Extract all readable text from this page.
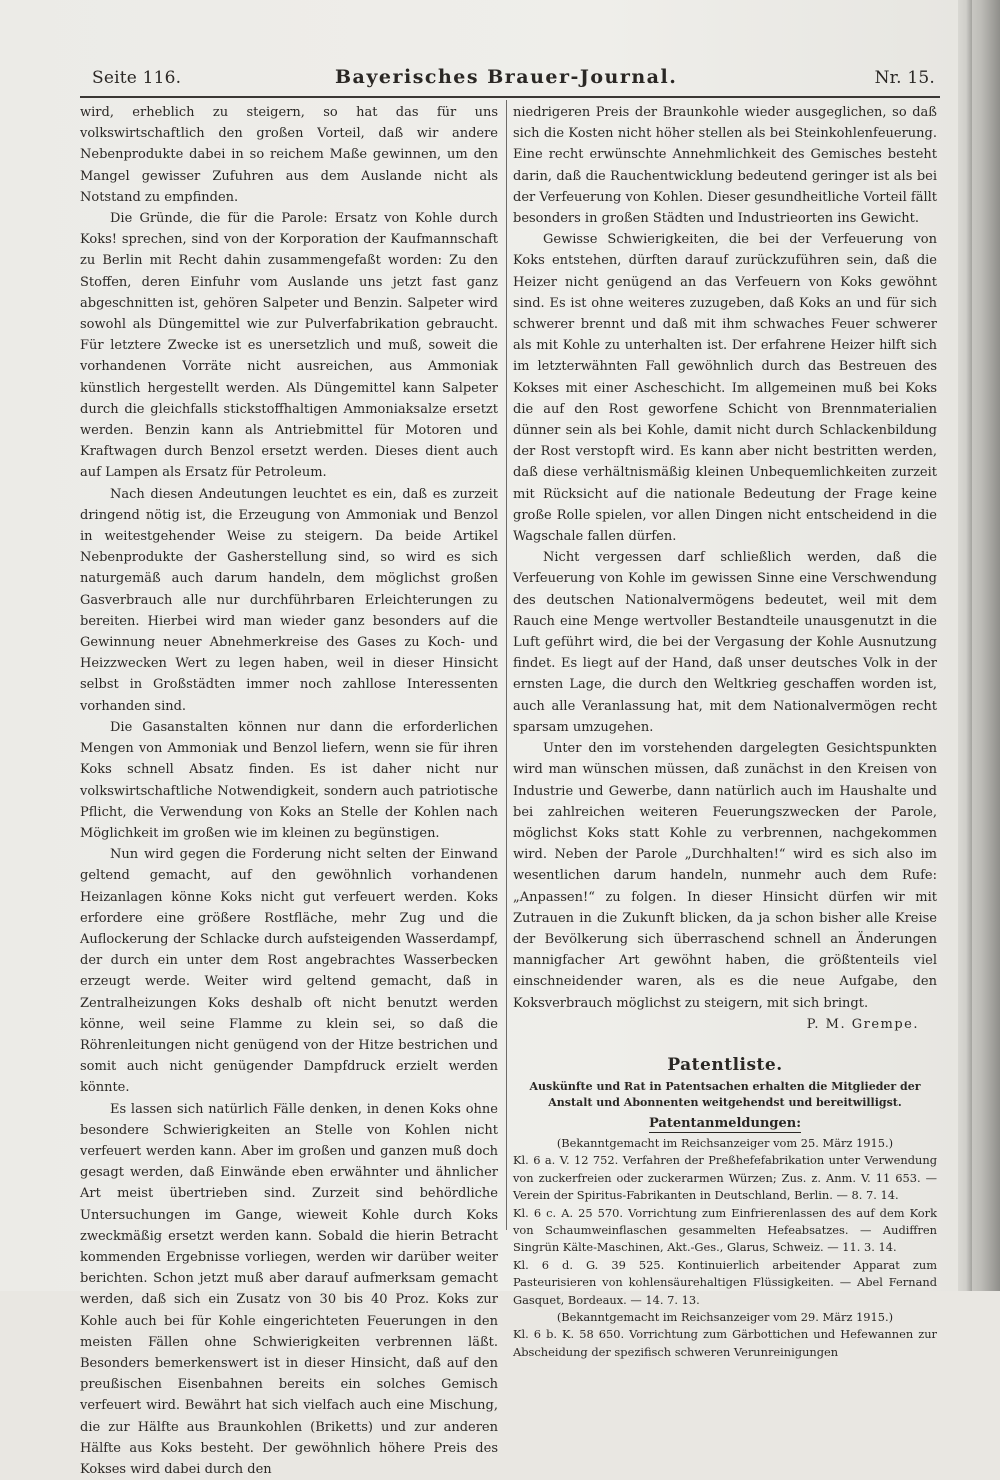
Seite 116.	Bayerisches Brauer-Journal.	Nr. 15.

wird, erheblich zu steigern, so hat das für uns volkswirtschaftlich den großen Vorteil, daß wir andere Nebenprodukte dabei in so reichem Maße gewinnen, um den Mangel gewisser Zufuhren aus dem Auslande nicht als Notstand zu empfinden.

Die Gründe, die für die Parole: Ersatz von Kohle durch Koks! sprechen, sind von der Korporation der Kaufmannschaft zu Berlin mit Recht dahin zusammengefaßt worden: Zu den Stoffen, deren Einfuhr vom Auslande uns jetzt fast ganz abgeschnitten ist, gehören Salpeter und Benzin. Salpeter wird sowohl als Düngemittel wie zur Pulverfabrikation gebraucht. Für letztere Zwecke ist es unersetzlich und muß, soweit die vorhandenen Vorräte nicht ausreichen, aus Ammoniak künstlich hergestellt werden. Als Düngemittel kann Salpeter durch die gleichfalls stickstoffhaltigen Ammoniaksalze ersetzt werden. Benzin kann als Antriebmittel für Motoren und Kraftwagen durch Benzol ersetzt werden. Dieses dient auch auf Lampen als Ersatz für Petroleum.

Nach diesen Andeutungen leuchtet es ein, daß es zurzeit dringend nötig ist, die Erzeugung von Ammoniak und Benzol in weitestgehender Weise zu steigern. Da beide Artikel Nebenprodukte der Gasherstellung sind, so wird es sich naturgemäß auch darum handeln, dem möglichst großen Gasverbrauch alle nur durchführbaren Erleichterungen zu bereiten. Hierbei wird man wieder ganz besonders auf die Gewinnung neuer Abnehmerkreise des Gases zu Koch- und Heizzwecken Wert zu legen haben, weil in dieser Hinsicht selbst in Großstädten immer noch zahllose Interessenten vorhanden sind.

Die Gasanstalten können nur dann die erforderlichen Mengen von Ammoniak und Benzol liefern, wenn sie für ihren Koks schnell Absatz finden. Es ist daher nicht nur volkswirtschaftliche Notwendigkeit, sondern auch patriotische Pflicht, die Verwendung von Koks an Stelle der Kohlen nach Möglichkeit im großen wie im kleinen zu begünstigen.

Nun wird gegen die Forderung nicht selten der Einwand geltend gemacht, auf den gewöhnlich vorhandenen Heizanlagen könne Koks nicht gut verfeuert werden. Koks erfordere eine größere Rostfläche, mehr Zug und die Auflockerung der Schlacke durch aufsteigenden Wasserdampf, der durch ein unter dem Rost angebrachtes Wasserbecken erzeugt werde. Weiter wird geltend gemacht, daß in Zentralheizungen Koks deshalb oft nicht benutzt werden könne, weil seine Flamme zu klein sei, so daß die Röhrenleitungen nicht genügend von der Hitze bestrichen und somit auch nicht genügender Dampfdruck erzielt werden könnte.

Es lassen sich natürlich Fälle denken, in denen Koks ohne besondere Schwierigkeiten an Stelle von Kohlen nicht verfeuert werden kann. Aber im großen und ganzen muß doch gesagt werden, daß Einwände eben erwähnter und ähnlicher Art meist übertrieben sind. Zurzeit sind behördliche Untersuchungen im Gange, wieweit Kohle durch Koks zweckmäßig ersetzt werden kann. Sobald die hierin Betracht kommenden Ergebnisse vorliegen, werden wir darüber weiter berichten. Schon jetzt muß aber darauf aufmerksam gemacht werden, daß sich ein Zusatz von 30 bis 40 Proz. Koks zur Kohle auch bei für Kohle eingerichteten Feuerungen in den meisten Fällen ohne Schwierigkeiten verbrennen läßt. Besonders bemerkenswert ist in dieser Hinsicht, daß auf den preußischen Eisenbahnen bereits ein solches Gemisch verfeuert wird. Bewährt hat sich vielfach auch eine Mischung, die zur Hälfte aus Braunkohlen (Briketts) und zur anderen Hälfte aus Koks besteht. Der gewöhnlich höhere Preis des Koksеs wird dabei durch den

niedrigeren Preis der Braunkohle wieder ausgeglichen, so daß sich die Kosten nicht höher stellen als bei Steinkohlenfeuerung. Eine recht erwünschte Annehmlichkeit des Gemisches besteht darin, daß die Rauchentwicklung bedeutend geringer ist als bei der Verfeuerung von Kohlen. Dieser gesundheitliche Vorteil fällt besonders in großen Städten und Industrieorten ins Gewicht.

Gewisse Schwierigkeiten, die bei der Verfeuerung von Koks entstehen, dürften darauf zurückzuführen sein, daß die Heizer nicht genügend an das Verfeuern von Koks gewöhnt sind. Es ist ohne weiteres zuzugeben, daß Koks an und für sich schwerer brennt und daß mit ihm schwaches Feuer schwerer als mit Kohle zu unterhalten ist. Der erfahrene Heizer hilft sich im letzterwähnten Fall gewöhnlich durch das Bestreuen des Koksеs mit einer Ascheschicht. Im allgemeinen muß bei Koks die auf den Rost geworfene Schicht von Brennmaterialien dünner sein als bei Kohle, damit nicht durch Schlackenbildung der Rost verstopft wird. Es kann aber nicht bestritten werden, daß diese verhältnismäßig kleinen Unbequemlichkeiten zurzeit mit Rücksicht auf die nationale Bedeutung der Frage keine große Rolle spielen, vor allen Dingen nicht entscheidend in die Wagschale fallen dürfen.

Nicht vergessen darf schließlich werden, daß die Verfeuerung von Kohle im gewissen Sinne eine Verschwendung des deutschen Nationalvermögens bedeutet, weil mit dem Rauch eine Menge wertvoller Bestandteile unausgenutzt in die Luft geführt wird, die bei der Vergasung der Kohle Ausnutzung findet. Es liegt auf der Hand, daß unser deutsches Volk in der ernsten Lage, die durch den Weltkrieg geschaffen worden ist, auch alle Veranlassung hat, mit dem Nationalvermögen recht sparsam umzugehen.

Unter den im vorstehenden dargelegten Gesichtspunkten wird man wünschen müssen, daß zunächst in den Kreisen von Industrie und Gewerbe, dann natürlich auch im Haushalte und bei zahlreichen weiteren Feuerungszwecken der Parole, möglichst Koks statt Kohle zu verbrennen, nachgekommen wird. Neben der Parole „Durchhalten!“ wird es sich also im wesentlichen darum handeln, nunmehr auch dem Rufe: „Anpassen!“ zu folgen. In dieser Hinsicht dürfen wir mit Zutrauen in die Zukunft blicken, da ja schon bisher alle Kreise der Bevölkerung sich überraschend schnell an Änderungen mannigfacher Art gewöhnt haben, die größtenteils viel einschneidender waren, als es die neue Aufgabe, den Koksverbrauch möglichst zu steigern, mit sich bringt.

P. M. Grempe.

Patentliste.
Auskünfte und Rat in Patentsachen erhalten die Mitglieder der Anstalt und Abonnenten weitgehendst und bereitwilligst.
Patentanmeldungen:

(Bekanntgemacht im Reichsanzeiger vom 25. März 1915.)

Kl. 6 a. V. 12 752. Verfahren der Preßhefefabrikation unter Verwendung von zuckerfreien oder zuckerarmen Würzen; Zus. z. Anm. V. 11 653. — Verein der Spiritus-Fabrikanten in Deutschland, Berlin. — 8. 7. 14.

Kl. 6 c. A. 25 570. Vorrichtung zum Einfrierenlassen des auf dem Kork von Schaumweinflaschen gesammelten Hefeabsatzes. — Audiffren Singrün Kälte-Maschinen, Akt.-Ges., Glarus, Schweiz. — 11. 3. 14.

Kl. 6 d. G. 39 525. Kontinuierlich arbeitender Apparat zum Pasteurisieren von kohlensäurehaltigen Flüssigkeiten. — Abel Fernand Gasquet, Bordeaux. — 14. 7. 13.

(Bekanntgemacht im Reichsanzeiger vom 29. März 1915.)

Kl. 6 b. K. 58 650. Vorrichtung zum Gärbottichen und Hefewannen zur Abscheidung der spezifisch schweren Verunreinigungen
